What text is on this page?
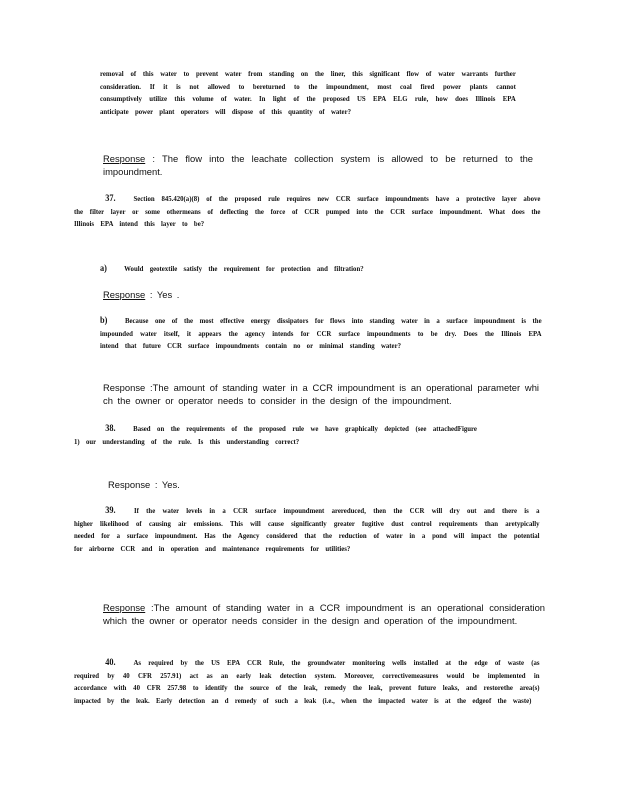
removal of this water to prevent water from standing on the liner, this significant flow of water warrants further consideration. If it is not allowed to bereturned to the impoundment, most coal fired power plants cannot consumptively utilize this volume of water. In light of the proposed US EPA ELG rule, how does Illinois EPA anticipate power plant operators will dispose of this quantity of water?

Response : The flow into the leachate collection system is allowed to be returned to the impoundment.

37. Section 845.420(a)(8) of the proposed rule requires new CCR surface impoundments have a protective layer above the filter layer or some othermeans of deflecting the force of CCR pumped into the CCR surface impoundment. What does the Illinois EPA intend this layer to be?

a) Would geotextile satisfy the requirement for protection and filtration?

Response : Yes .

b) Because one of the most effective energy dissipators for flows into standing water in a surface impoundment is the impounded water itself, it appears the agency intends for CCR surface impoundments to be dry. Does the Illinois EPA intend that future CCR surface impoundments contain no or minimal standing water?

Response :The amount of standing water in a CCR impoundment is an operational parameter whi ch the owner or operator needs to consider in the design of the impoundment.

38. Based on the requirements of the proposed rule we have graphically depicted (see attachedFigure 1) our understanding of the rule. Is this understanding correct?

Response : Yes.

39. If the water levels in a CCR surface impoundment arereduced, then the CCR will dry out and there is a higher likelihood of causing air emissions. This will cause significantly greater fugitive dust control requirements than aretypically needed for a surface impoundment. Has the Agency considered that the reduction of water in a pond will impact the potential for airborne CCR and in operation and maintenance requirements for utilities?

Response :The amount of standing water in a CCR impoundment is an operational consideration which the owner or operator needs consider in the design and operation of the impoundment.

40. As required by the US EPA CCR Rule, the groundwater monitoring wells installed at the edge of waste (as required by 40 CFR 257.91) act as an early leak detection system. Moreover, correctivemeasures would be implemented in accordance with 40 CFR 257.98 to identify the source of the leak, remedy the leak, prevent future leaks, and restorethe area(s) impacted by the leak. Early detection an d remedy of such a leak (i.e., when the impacted water is at the edgeof the waste)
